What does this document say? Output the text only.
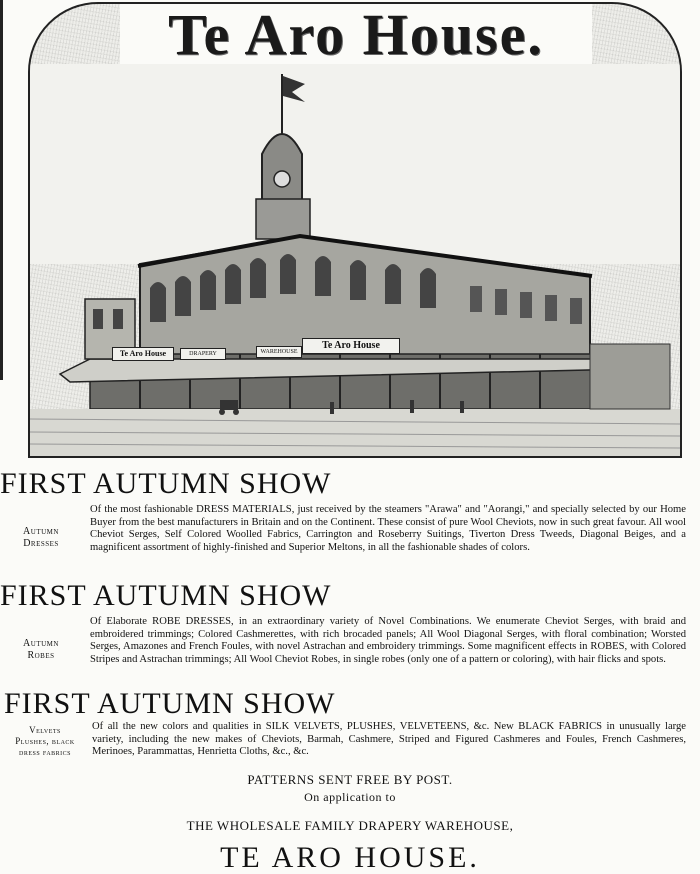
Te Aro House
Te Aro House	DRAPERY	WAREHOUSE
Te Aro House.
FIRST AUTUMN SHOW
Autumn
Dresses
Of the most fashionable DRESS MATERIALS, just received by the steamers "Arawa" and "Aorangi," and specially selected by our Home Buyer from the best manufacturers in Britain and on the Continent. These consist of pure Wool Cheviots, now in such great favour. All wool Cheviot Serges, Self Colored Woolled Fabrics, Carrington and Roseberry Suitings, Tiverton Dress Tweeds, Diagonal Beiges, and a magnificent assortment of highly-finished and Superior Meltons, in all the fashionable shades of colors.
FIRST AUTUMN SHOW
Autumn
Robes
Of Elaborate ROBE DRESSES, in an extraordinary variety of Novel Combinations. We enumerate Cheviot Serges, with braid and embroidered trimmings; Colored Cashmerettes, with rich brocaded panels; All Wool Diagonal Serges, with floral combination; Worsted Serges, Amazones and French Foules, with novel Astrachan and embroidery trimmings. Some magnificent effects in ROBES, with Colored Stripes and Astrachan trimmings; All Wool Cheviot Robes, in single robes (only one of a pattern or coloring), with hair flicks and spots.
FIRST AUTUMN SHOW
Velvets
Plushes, black
dress fabrics
Of all the new colors and qualities in SILK VELVETS, PLUSHES, VELVETEENS, &c. New BLACK FABRICS in unusually large variety, including the new makes of Cheviots, Barmah, Cashmere, Striped and Figured Cashmeres and Foules, French Cashmeres, Merinoes, Parammattas, Henrietta Cloths, &c., &c.
PATTERNS SENT FREE BY POST.
On application to
THE WHOLESALE FAMILY DRAPERY WAREHOUSE,
TE ARO HOUSE.
